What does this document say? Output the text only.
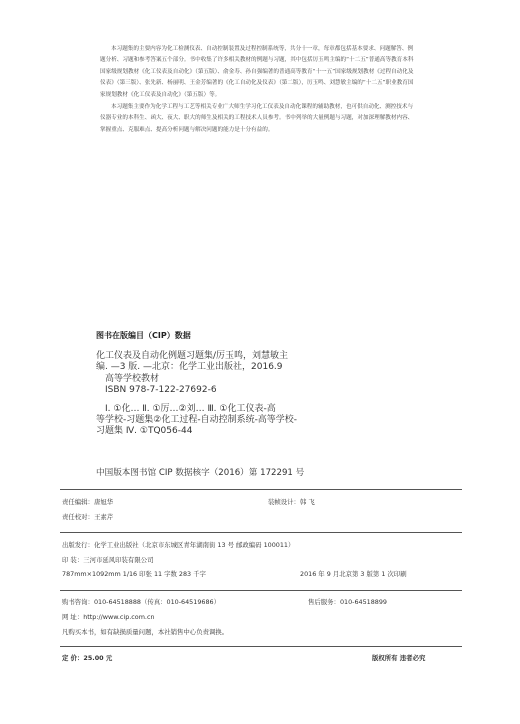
本习题集的主要内容为化工检测仪表、自动控制装置及过程控制系统等，共分十一章，每章都包括基本要求、问题解答、例题分析、习题和参考答案五个部分。书中收集了许多相关教材的例题与习题，其中包括厉玉鸣主编的“十二五”普通高等教育本科国家级规划教材《化工仪表及自动化》（第五版）、俞金寿、孙自强编著的普通高等教育“十一五”国家级规划教材《过程自动化及仪表》（第三版）、张先新、杨丽明、王金芳编著的《化工自动化及仪表》（第二版），厉玉鸣、刘慧敏主编的“十二五”职业教育国家规划教材《化工仪表及自动化》（第五版）等。

本习题集主要作为化学工程与工艺等相关专业广大师生学习化工仪表及自动化课程的辅助教材，也可供自动化、测控技术与仪器专业的本科生、函大、夜大、职大的师生及相关的工程技术人员参考。书中列举的大量例题与习题，对加深理解教材内容、掌握重点、克服难点、提高分析问题与解决问题的能力是十分有益的。

图书在版编目（CIP）数据
化工仪表及自动化例题习题集/厉玉鸣，刘慧敏主
编. —3 版. —北京：化学工业出版社，2016.9
高等学校教材
ISBN 978-7-122-27692-6
Ⅰ. ①化… Ⅱ. ①厉…②刘… Ⅲ. ①化工仪表-高
等学校-习题集②化工过程-自动控制系统-高等学校-
习题集 Ⅳ. ①TQ056-44
中国版本图书馆 CIP 数据核字（2016）第 172291 号
责任编辑：唐旭华	装帧设计：韩 飞
责任校对：王素芹
出版发行：化学工业出版社（北京市东城区青年湖南街 13 号 邮政编码 100011）
印 装：三河市延风印装有限公司
787mm×1092mm 1/16 印张 11 字数 283 千字	2016 年 9 月北京第 3 版第 1 次印刷
购书咨询：010-64518888（传真：010-64519686）	售后服务：010-64518899
网 址：http://www.cip.com.cn
凡购买本书，如有缺损质量问题，本社销售中心负责调换。
定 价：25.00 元	版权所有 违者必究
